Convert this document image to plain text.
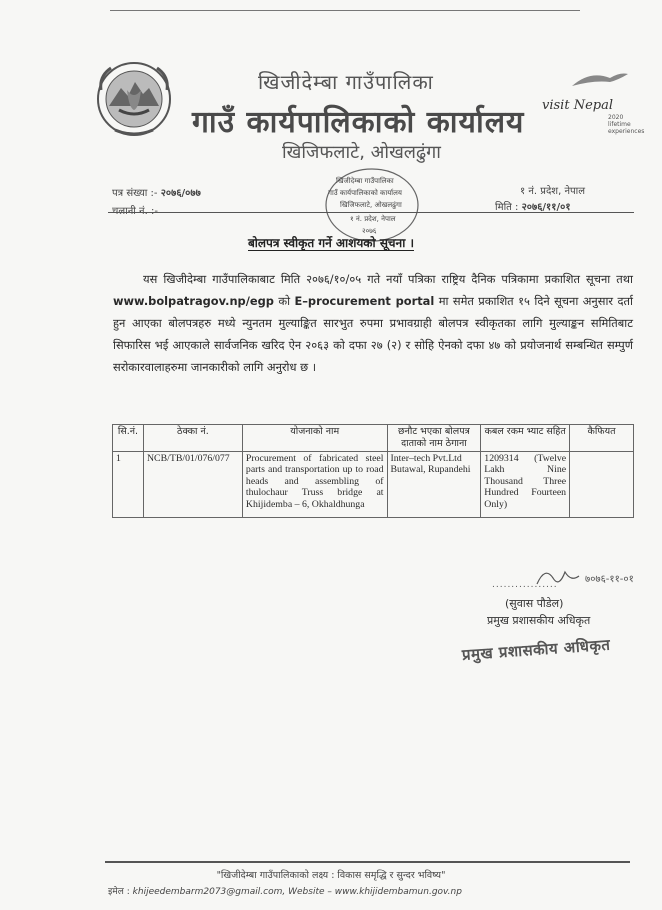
visit Nepal
2020 lifetime experiences
खिजीदेम्बा गाउँपालिका
गाउँ कार्यपालिकाको कार्यालय
खिजिफलाटे, ओखलढुंगा
पत्र संख्या :- २०७६/०७७
चलानी नं. :-
१ नं. प्रदेश, नेपाल
मिति : २०७६/११/०१
खिजीदेम्बा गाउँपालिका
गाउँ कार्यपालिकाको कार्यालय
खिजिफलाटे, ओखलढुंगा
१ नं. प्रदेश, नेपाल
२०७६
बोलपत्र स्वीकृत गर्ने आशयको सूचना ।
यस खिजीदेम्बा गाउँपालिकाबाट मिति २०७६/१०/०५ गते नयाँ पत्रिका राष्ट्रिय दैनिक पत्रिकामा प्रकाशित सूचना तथा www.bolpatragov.np/egp को E–procurement portal मा समेत प्रकाशित १५ दिने सूचना अनुसार दर्ता हुन आएका बोलपत्रहरु मध्ये न्युनतम मुल्याङ्कित सारभुत रुपमा प्रभावग्राही बोलपत्र स्वीकृतका लागि मुल्याङ्कन समितिबाट सिफारिस भई आएकाले सार्वजनिक खरिद ऐन २०६३ को दफा २७ (२) र सोहि ऐनको दफा ४७ को प्रयोजनार्थ सम्बन्धित सम्पुर्ण सरोकारवालाहरुमा जानकारीको लागि अनुरोध छ ।
सि.नं.	ठेक्का नं.	योजनाको नाम	छनौट भएका बोलपत्र दाताको नाम ठेगाना	कबल रकम भ्याट सहित	कैफियत
1	NCB/TB/01/076/077	Procurement of fabricated steel parts and transportation up to road heads and assembling of thulochaur Truss bridge at Khijidemba – 6, Okhaldhunga	Inter–tech Pvt.Ltd Butawal, Rupandehi	1209314 (Twelve Lakh Nine Thousand Three Hundred Fourteen Only)	
.................	७०७६-११-०१
(सुवास पौडेल)
प्रमुख प्रशासकीय अधिकृत
प्रमुख प्रशासकीय अधिकृत
"खिजीदेम्बा गाउँपालिकाको लक्ष्य : विकास समृद्धि र सुन्दर भविष्य"
इमेल : khijeedembarm2073@gmail.com, Website – www.khijidembamun.gov.np
